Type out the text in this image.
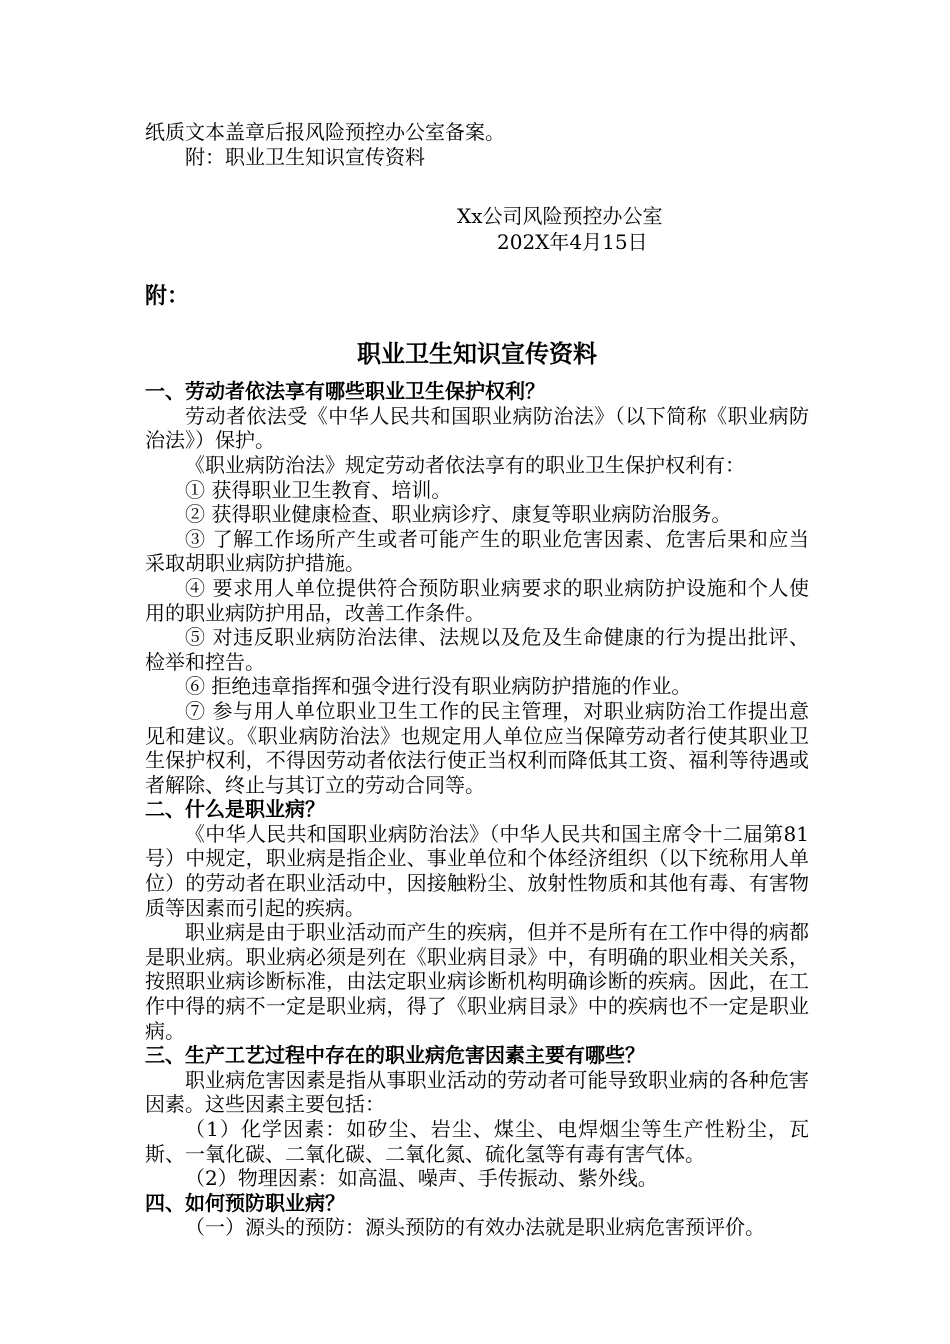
纸质文本盖章后报风险预控办公室备案。

附：职业卫生知识宣传资料

Xx公司风险预控办公室

202X年4月15日

附：

职业卫生知识宣传资料

一、劳动者依法享有哪些职业卫生保护权利？

劳动者依法受《中华人民共和国职业病防治法》（以下简称《职业病防治法》）保护。

《职业病防治法》规定劳动者依法享有的职业卫生保护权利有：

① 获得职业卫生教育、培训。

② 获得职业健康检查、职业病诊疗、康复等职业病防治服务。

③ 了解工作场所产生或者可能产生的职业危害因素、危害后果和应当采取胡职业病防护措施。

④ 要求用人单位提供符合预防职业病要求的职业病防护设施和个人使用的职业病防护用品，改善工作条件。

⑤ 对违反职业病防治法律、法规以及危及生命健康的行为提出批评、检举和控告。

⑥ 拒绝违章指挥和强令进行没有职业病防护措施的作业。

⑦ 参与用人单位职业卫生工作的民主管理，对职业病防治工作提出意见和建议。《职业病防治法》也规定用人单位应当保障劳动者行使其职业卫生保护权利，不得因劳动者依法行使正当权利而降低其工资、福利等待遇或者解除、终止与其订立的劳动合同等。

二、什么是职业病？

《中华人民共和国职业病防治法》（中华人民共和国主席令十二届第81号）中规定，职业病是指企业、事业单位和个体经济组织（以下统称用人单位）的劳动者在职业活动中，因接触粉尘、放射性物质和其他有毒、有害物质等因素而引起的疾病。

职业病是由于职业活动而产生的疾病，但并不是所有在工作中得的病都是职业病。职业病必须是列在《职业病目录》中，有明确的职业相关关系，按照职业病诊断标准，由法定职业病诊断机构明确诊断的疾病。因此，在工作中得的病不一定是职业病，得了《职业病目录》中的疾病也不一定是职业病。

三、生产工艺过程中存在的职业病危害因素主要有哪些？

职业病危害因素是指从事职业活动的劳动者可能导致职业病的各种危害因素。这些因素主要包括：

（1）化学因素：如矽尘、岩尘、煤尘、电焊烟尘等生产性粉尘，瓦斯、一氧化碳、二氧化碳、二氧化氮、硫化氢等有毒有害气体。

（2）物理因素：如高温、噪声、手传振动、紫外线。

四、如何预防职业病？

（一）源头的预防：源头预防的有效办法就是职业病危害预评价。
